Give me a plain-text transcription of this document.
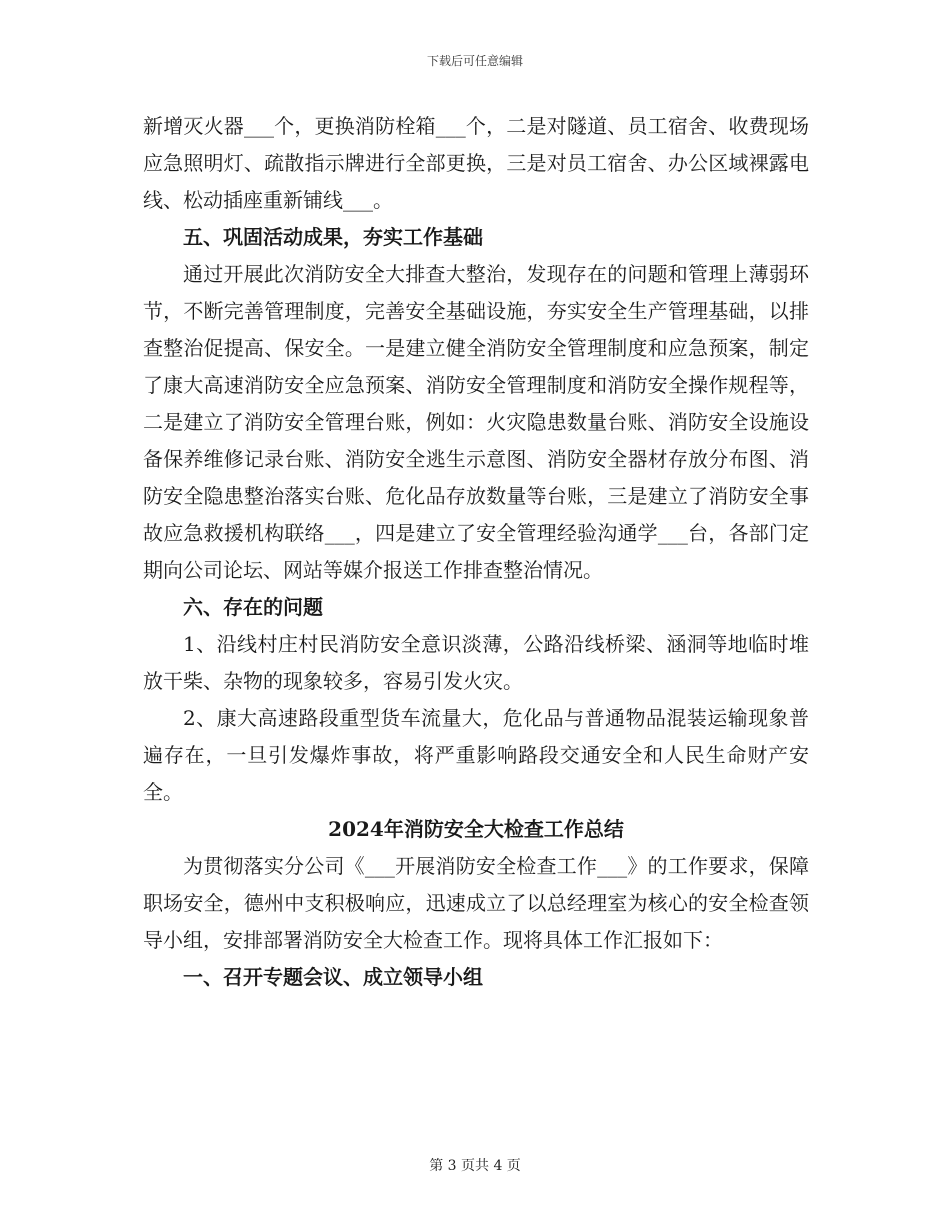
下载后可任意编辑

新增灭火器___个，更换消防栓箱___个，二是对隧道、员工宿舍、收费现场应急照明灯、疏散指示牌进行全部更换，三是对员工宿舍、办公区域裸露电线、松动插座重新铺线___。

五、巩固活动成果，夯实工作基础

通过开展此次消防安全大排查大整治，发现存在的问题和管理上薄弱环节，不断完善管理制度，完善安全基础设施，夯实安全生产管理基础，以排查整治促提高、保安全。一是建立健全消防安全管理制度和应急预案，制定了康大高速消防安全应急预案、消防安全管理制度和消防安全操作规程等，二是建立了消防安全管理台账，例如：火灾隐患数量台账、消防安全设施设备保养维修记录台账、消防安全逃生示意图、消防安全器材存放分布图、消防安全隐患整治落实台账、危化品存放数量等台账，三是建立了消防安全事故应急救援机构联络___，四是建立了安全管理经验沟通学___台，各部门定期向公司论坛、网站等媒介报送工作排查整治情况。

六、存在的问题

1、沿线村庄村民消防安全意识淡薄，公路沿线桥梁、涵洞等地临时堆放干柴、杂物的现象较多，容易引发火灾。

2、康大高速路段重型货车流量大，危化品与普通物品混装运输现象普遍存在，一旦引发爆炸事故，将严重影响路段交通安全和人民生命财产安全。

2024年消防安全大检查工作总结

为贯彻落实分公司《___开展消防安全检查工作___》的工作要求，保障职场安全，德州中支积极响应，迅速成立了以总经理室为核心的安全检查领导小组，安排部署消防安全大检查工作。现将具体工作汇报如下：

一、召开专题会议、成立领导小组

第 3 页共 4 页
